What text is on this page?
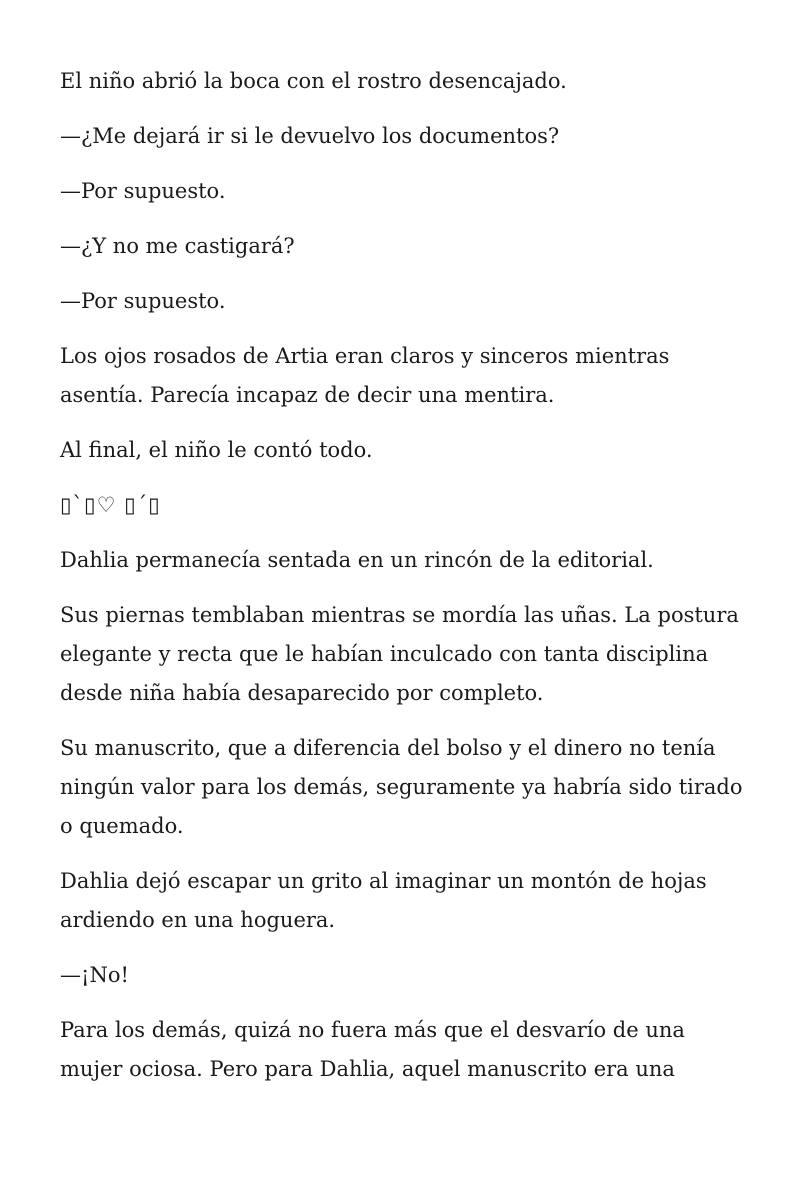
El niño abrió la boca con el rostro desencajado.

—¿Me dejará ir si le devuelvo los documentos?

—Por supuesto.

—¿Y no me castigará?

—Por supuesto.

Los ojos rosados de Artia eran claros y sinceros mientras asentía. Parecía incapaz de decir una mentira.

Al final, el niño le contó todo.

▯`▯♡ ▯´▯

Dahlia permanecía sentada en un rincón de la editorial.

Sus piernas temblaban mientras se mordía las uñas. La postura elegante y recta que le habían inculcado con tanta disciplina desde niña había desaparecido por completo.

Su manuscrito, que a diferencia del bolso y el dinero no tenía ningún valor para los demás, seguramente ya habría sido tirado o quemado.

Dahlia dejó escapar un grito al imaginar un montón de hojas ardiendo en una hoguera.

—¡No!

Para los demás, quizá no fuera más que el desvarío de una mujer ociosa. Pero para Dahlia, aquel manuscrito era una
